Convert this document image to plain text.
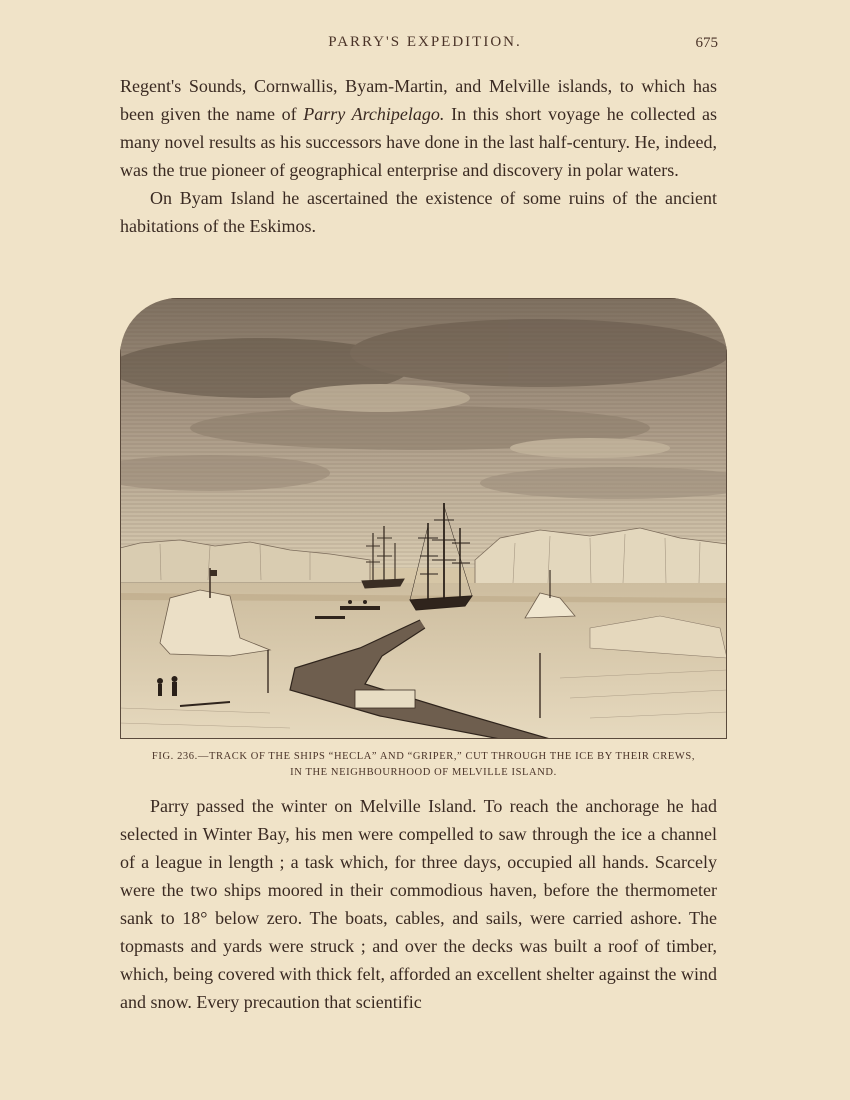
PARRY'S EXPEDITION.	675

Regent's Sounds, Cornwallis, Byam-Martin, and Melville islands, to which has been given the name of Parry Archipelago. In this short voyage he collected as many novel results as his successors have done in the last half-century. He, indeed, was the true pioneer of geographical enterprise and discovery in polar waters.

On Byam Island he ascertained the existence of some ruins of the ancient habitations of the Eskimos.

FIG. 236.—TRACK OF THE SHIPS “HECLA” AND “GRIPER,” CUT THROUGH THE ICE BY THEIR CREWS,
IN THE NEIGHBOURHOOD OF MELVILLE ISLAND.

Parry passed the winter on Melville Island. To reach the anchorage he had selected in Winter Bay, his men were compelled to saw through the ice a channel of a league in length ; a task which, for three days, occupied all hands. Scarcely were the two ships moored in their commodious haven, before the thermometer sank to 18° below zero. The boats, cables, and sails, were carried ashore. The topmasts and yards were struck ; and over the decks was built a roof of timber, which, being covered with thick felt, afforded an excellent shelter against the wind and snow. Every precaution that scientific
